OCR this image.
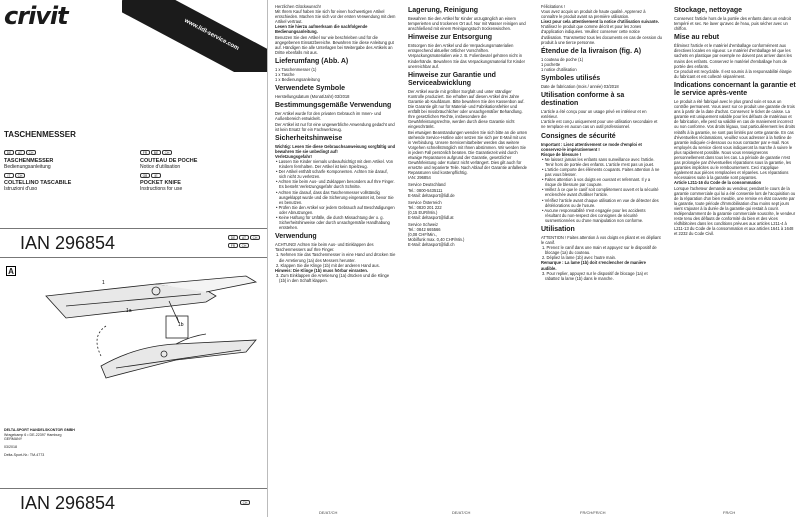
crivit
www.lidl-service.com
TASCHENMESSER
DE	AT	CH	FR	BE	CH
TASCHENMESSER
Bedienungsanleitung
IT	CH
COLTELLINO TASCABILE
Istruzioni d'uso
COUTEAU DE POCHE
Notice d'utilisation
GB	IE
POCKET KNIFE
Instructions for use
IAN 296854	DE	AT	CH
FR	CH
A
1a
1b
1
DELTA-SPORT HANDELSKONTOR GMBH
Wragekamp 6 • DE-22397 Hamburg
GERMANY
03/2018
Delta-Sport-Nr.: TM-4773
IAN 296854	CH
Herzlichen Glückwunsch!
Mit Ihrem Kauf haben Sie sich für einen hochwertigen Artikel entschieden. Machen Sie sich vor der ersten Verwendung mit dem Artikel vertraut.
Lesen Sie hierzu aufmerksam die nachfolgende Bedienungsanleitung.
Benutzen Sie den Artikel nur wie beschrieben und für die angegebenen Einsatzbereiche. Bewahren Sie diese Anleitung gut auf. Händigen Sie alle Unterlagen bei Weitergabe des Artikels an Dritte ebenfalls mit aus.
Lieferumfang (Abb. A)
1 x Taschenmesser (1)
1 x Tasche
1 x Bedienungsanleitung
Verwendete Symbole
Herstellungsdatum (Monat/Jahr) 03/2018
Bestimmungsgemäße Verwendung
Der Artikel wurde für den privaten Gebrauch im Innen- und Außenbereich entwickelt.
Der Artikel ist nur für eine ungewerbliche Anwendung gedacht und ist kein Ersatz für ein Fachwerkzeug.
Sicherheitshinweise
Wichtig: Lesen Sie diese Gebrauchsanweisung sorgfältig und bewahren Sie sie unbedingt auf!
Verletzungsgefahr!
• Lassen Sie Kinder niemals unbeaufsichtigt mit dem Artikel. Von Kindern fernhalten. Der Artikel ist kein Spielzeug.
• Der Artikel enthält scharfe Komponenten. Achten Sie darauf, sich nicht zu verletzen.
• Achten Sie beim Aus- und Zuklappen besonders auf Ihre Finger. Es besteht Verletzungsgefahr durch Schnitte.
• Achten Sie darauf, dass das Taschenmesser vollständig ausgeklappt wurde und die Sicherung eingerastet ist, bevor Sie es benutzen.
• Prüfen Sie den Artikel vor jedem Gebrauch auf Beschädigungen oder Abnutzungen.
• Keine Haftung für Unfälle, die durch Missachtung der o. g. Sicherheitshinweise oder durch unsachgemäße Handhabung entstehen.
Verwendung
ACHTUNG! Achten Sie beim Aus- und Einklappen des Taschenmessers auf Ihre Finger.
1. Nehmen Sie das Taschenmesser in eine Hand und drücken Sie die Arretierung (1a) des Messers herunter.
2. Klappen Sie die Klinge (1b) mit der anderen Hand aus.
Hinweis: Die Klinge (1b) muss hörbar einrasten.
3. Zum Einklappen die Arretierung (1a) drücken und die Klinge (1b) in den Schaft klappen.
DE/AT/CH
Lagerung, Reinigung
Bewahren Sie den Artikel für Kinder unzugänglich an einem temperierten und trockenen Ort auf. Nur mit Wasser reinigen und anschließend mit einem Reinigungstuch trockenwischen.
Hinweise zur Entsorgung
Entsorgen Sie den Artikel und die Verpackungsmaterialien entsprechend aktueller örtlicher Vorschriften. Verpackungsmaterialien wie z. B. Folienbeutel gehören nicht in Kinderhände. Bewahren Sie das Verpackungsmaterial für Kinder unerreichbar auf.
Hinweise zur Garantie und Serviceabwicklung
Der Artikel wurde mit größter Sorgfalt und unter ständiger Kontrolle produziert. Sie erhalten auf diesen Artikel drei Jahre Garantie ab Kaufdatum. Bitte bewahren Sie den Kassenbon auf. Die Garantie gilt nur für Material- und Fabrikationsfehler und entfällt bei missbräuchlicher oder unsachgemäßer Behandlung. Ihre gesetzlichen Rechte, insbesondere die Gewährleistungsrechte, werden durch diese Garantie nicht eingeschränkt.
Bei etwaigen Beanstandungen wenden Sie sich bitte an die unten stehende Service-Hotline oder setzen Sie sich per E-Mail mit uns in Verbindung. Unsere Servicemitarbeiter werden das weitere Vorgehen schnellstmöglich mit Ihnen abstimmen. Wir werden Sie in jedem Fall persönlich beraten. Die Garantiezeit wird durch etwaige Reparaturen aufgrund der Garantie, gesetzlicher Gewährleistung oder Kulanz nicht verlängert. Dies gilt auch für ersetzte und reparierte Teile. Nach Ablauf der Garantie anfallende Reparaturen sind kostenpflichtig.
IAN: 296854
Service Deutschland
Tel.: 0800-5435111
E-Mail: deltasport@lidl.de
Service Österreich
Tel.: 0820 201 222
(0,15 EUR/Min.)
E-Mail: deltasport@lidl.at
Service Schweiz
Tel.: 0842 665566
(0,08 CHF/Min.,
Mobilfunk max. 0,40 CHF/Min.)
E-Mail: deltasport@lidl.ch
DE/AT/CH
Félicitations !
Vous avez acquis un produit de haute qualité. Apprenez à connaître le produit avant sa première utilisation.
Lisez pour cela attentivement la notice d'utilisation suivante.
N'utilisez le produit que comme décrit et pour les zones d'application indiquées. Veuillez conserver cette notice d'utilisation. Transmettez tous les documents en cas de cession du produit à une tierce personne.
Étendue de la livraison (fig. A)
1 couteau de poche (1)
1 pochette
1 notice d'utilisation
Symboles utilisés
Date de fabrication (mois / année) 03/2018
Utilisation conforme à sa destination
L'article a été conçu pour un usage privé en intérieur et en extérieur.
L'article est conçu uniquement pour une utilisation secondaire et ne remplace en aucun cas un outil professionnel.
Consignes de sécurité
Important : Lisez attentivement ce mode d'emploi et conservez-le impérativement !
Risque de blessure !
• Ne laissez jamais les enfants sans surveillance avec l'article. Tenir hors de portée des enfants. L'article n'est pas un jouet.
• L'article comporte des éléments coupants. Faites attention à ne pas vous blesser.
• Faites attention à vos doigts en ouvrant et refermant. Il y a risque de blessure par coupure.
• Veillez à ce que le canif soit complètement ouvert et la sécurité enclenchée avant d'utiliser l'article.
• Vérifiez l'article avant chaque utilisation en vue de détecter des détériorations ou de l'usure.
• Aucune responsabilité n'est engagée pour les accidents résultant du non-respect des consignes de sécurité susmentionnées ou d'une manipulation non conforme.
Utilisation
ATTENTION ! Faites attention à vos doigts en pliant et en dépliant le canif.
1. Prenez le canif dans une main et appuyez sur le dispositif de blocage (1a) du couteau.
2. Dépliez la lame (1b) avec l'autre main.
Remarque : La lame (1b) doit s'enclencher de manière audible.
3. Pour replier, appuyez sur le dispositif de blocage (1a) et rabattez la lame (1b) dans le manche.
FR/CH/FR/CH
Stockage, nettoyage
Conservez l'article hors de la portée des enfants dans un endroit tempéré et sec. Ne laver qu'avec de l'eau, puis sécher avec un chiffon.
Mise au rebut
Éliminez l'article et le matériel d'emballage conformément aux directives locales en vigueur. Le matériel d'emballage tel que les sachets en plastique par exemple ne doivent pas arriver dans les mains des enfants. Conservez le matériel d'emballage hors de portée des enfants.
Ce produit est recyclable. Il est soumis à la responsabilité élargie du fabricant et est collecté séparément.
Indications concernant la garantie et le service après-vente
Le produit a été fabriqué avec le plus grand soin et sous un contrôle permanent. Vous avez sur ce produit une garantie de trois ans à partir de la date d'achat. Conservez le ticket de caisse. La garantie est uniquement valable pour les défauts de matériaux et de fabrication, elle perd sa validité en cas de maniement incorrect ou non conforme. Vos droits légaux, tout particulièrement les droits relatifs à la garantie, ne sont pas limités par cette garantie. En cas d'éventuelles réclamations, veuillez vous adresser à la hotline de garantie indiquée ci-dessous ou nous contacter par e-mail. Nos employés du service client vous indiqueront la marche à suivre le plus rapidement possible. Nous vous renseignerons personnellement dans tous les cas. La période de garantie n'est pas prolongée par d'éventuelles réparations sous la garantie, les garanties implicites ou le remboursement. Ceci s'applique également aux pièces remplacées et réparées. Les réparations nécessaires suite à la garantie sont payantes.
Article L211-16 du Code de la consommation
Lorsque l'acheteur demande au vendeur, pendant le cours de la garantie commerciale qui lui a été consentie lors de l'acquisition ou de la réparation d'un bien meuble, une remise en état couverte par la garantie, toute période d'immobilisation d'au moins sept jours vient s'ajouter à la durée de la garantie qui restait à courir.
Indépendamment de la garantie commerciale souscrite, le vendeur reste tenu des défauts de conformité du bien et des vices rédhibitoires dans les conditions prévues aux articles L211-4 à L211-13 du Code de la consommation et aux articles 1641 à 1648 et 2232 du Code Civil.
FR/CH
